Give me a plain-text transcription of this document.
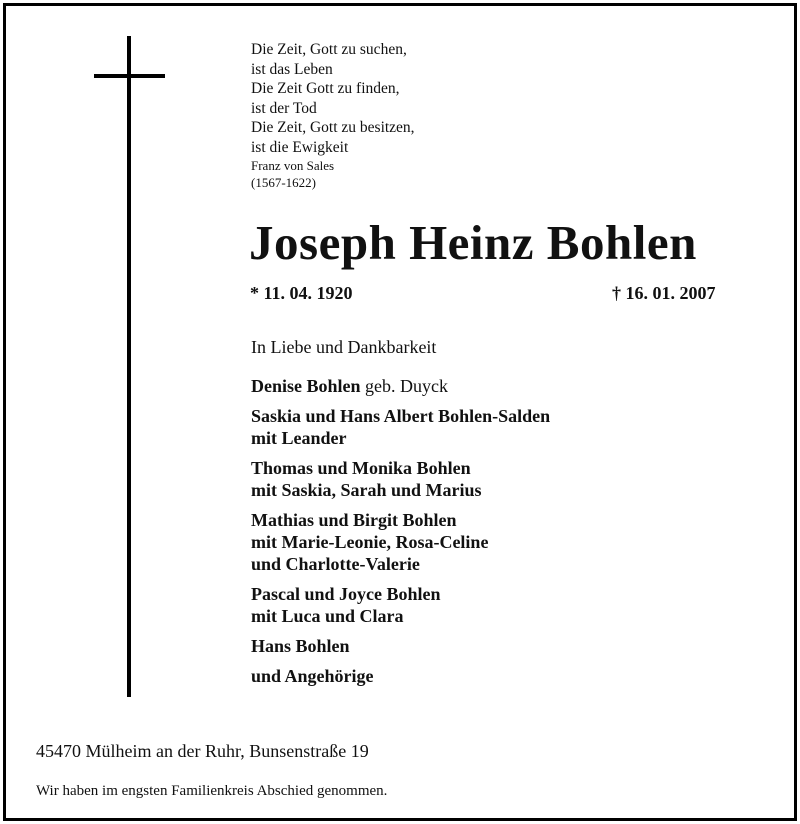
Die Zeit, Gott zu suchen,
ist das Leben
Die Zeit Gott zu finden,
ist der Tod
Die Zeit, Gott zu besitzen,
ist die Ewigkeit
Franz von Sales
(1567-1622)
Joseph Heinz Bohlen
* 11. 04. 1920	† 16. 01. 2007
In Liebe und Dankbarkeit
Denise Bohlen geb. Duyck
Saskia und Hans Albert Bohlen-Salden
mit Leander
Thomas und Monika Bohlen
mit Saskia, Sarah und Marius
Mathias und Birgit Bohlen
mit Marie-Leonie, Rosa-Celine
und Charlotte-Valerie
Pascal und Joyce Bohlen
mit Luca und Clara
Hans Bohlen
und Angehörige
45470 Mülheim an der Ruhr, Bunsenstraße 19
Wir haben im engsten Familienkreis Abschied genommen.
